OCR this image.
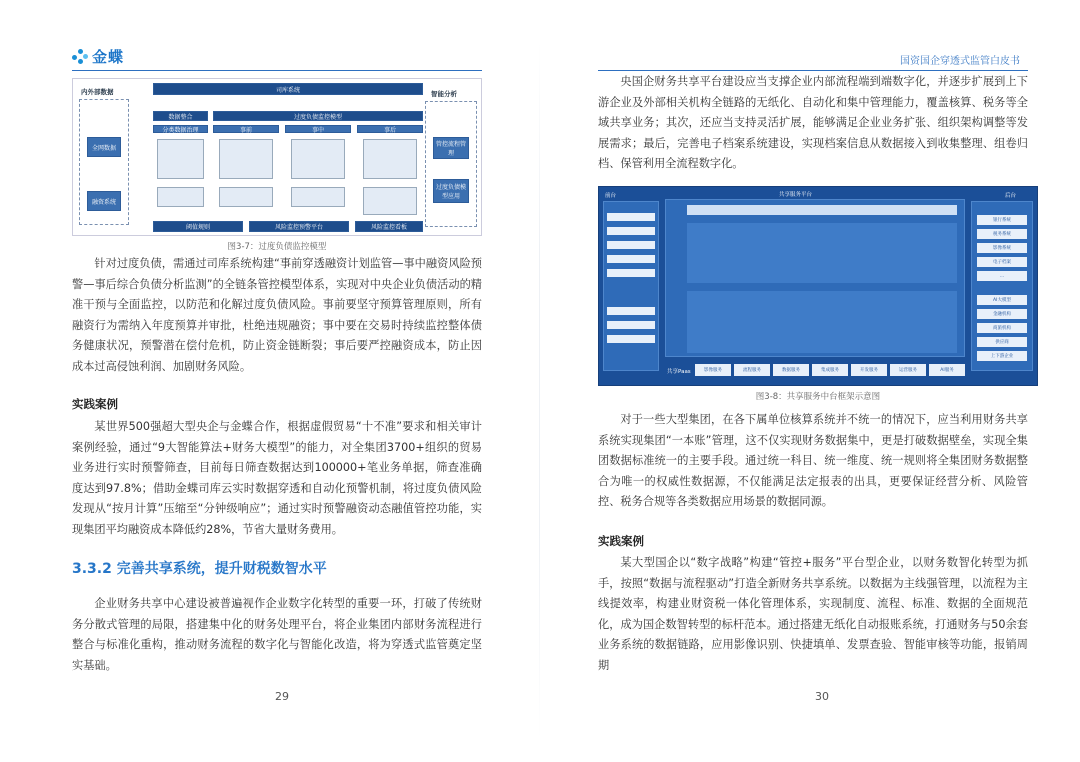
金蝶
内外部数据
全网数据
融资系统
司库系统
数据整合	过度负债监控模型
分类数据治理	事前	事中	事后
阈值规则	风险监控预警平台	风险监控看板
智能分析
管控流程管理
过度负债模型应用
图3-7：过度负债监控模型

针对过度负债，需通过司库系统构建“事前穿透融资计划监管—事中融资风险预警—事后综合负债分析监测”的全链条管控模型体系，实现对中央企业负债活动的精准干预与全面监控，以防范和化解过度负债风险。事前要坚守预算管理原则，所有融资行为需纳入年度预算并审批，杜绝违规融资；事中要在交易时持续监控整体债务健康状况，预警潜在偿付危机，防止资金链断裂；事后要严控融资成本，防止因成本过高侵蚀利润、加剧财务风险。

实践案例

某世界500强超大型央企与金蝶合作，根据虚假贸易“十不准”要求和相关审计案例经验，通过“9大智能算法+财务大模型”的能力，对全集团3700+组织的贸易业务进行实时预警筛查，目前每日筛查数据达到100000+笔业务单据，筛查准确度达到97.8%；借助金蝶司库云实时数据穿透和自动化预警机制，将过度负债风险发现从“按月计算”压缩至“分钟级响应”；通过实时预警融资动态融值管控功能，实现集团平均融资成本降低约28%，节省大量财务费用。

3.3.2 完善共享系统，提升财税数智水平

企业财务共享中心建设被普遍视作企业数字化转型的重要一环，打破了传统财务分散式管理的局限，搭建集中化的财务处理平台，将企业集团内部财务流程进行整合与标准化重构，推动财务流程的数字化与智能化改造，将为穿透式监管奠定坚实基础。

29
国资国企穿透式监管白皮书

央国企财务共享平台建设应当支撑企业内部流程端到端数字化，并逐步扩展到上下游企业及外部相关机构全链路的无纸化、自动化和集中管理能力，覆盖核算、税务等全域共享业务；其次，还应当支持灵活扩展，能够满足企业业务扩张、组织架构调整等发展需求；最后，完善电子档案系统建设，实现档案信息从数据接入到收集整理、组卷归档、保管利用全流程数字化。

前台	共享服务平台	后台
银行系统
税务系统
影像系统
电子档案
...
AI大模型
金融机构
商旅机构
供应商
上下游企业
共享Paas	影像服务	流程服务	数据服务	集成服务	开发服务	运营服务	AI服务
图3-8：共享服务中台框架示意图

对于一些大型集团，在各下属单位核算系统并不统一的情况下，应当利用财务共享系统实现集团“一本账”管理，这不仅实现财务数据集中，更是打破数据壁垒，实现全集团数据标准统一的主要手段。通过统一科目、统一维度、统一规则将全集团财务数据整合为唯一的权威性数据源，不仅能满足法定报表的出具，更要保证经营分析、风险管控、税务合规等各类数据应用场景的数据同源。

实践案例

某大型国企以“数字战略”构建“管控+服务”平台型企业，以财务数智化转型为抓手，按照“数据与流程驱动”打造全新财务共享系统。以数据为主线强管理，以流程为主线提效率，构建业财资税一体化管理体系，实现制度、流程、标准、数据的全面规范化，成为国企数智转型的标杆范本。通过搭建无纸化自动报账系统，打通财务与50余套业务系统的数据链路，应用影像识别、快捷填单、发票查验、智能审核等功能，报销周期

30
